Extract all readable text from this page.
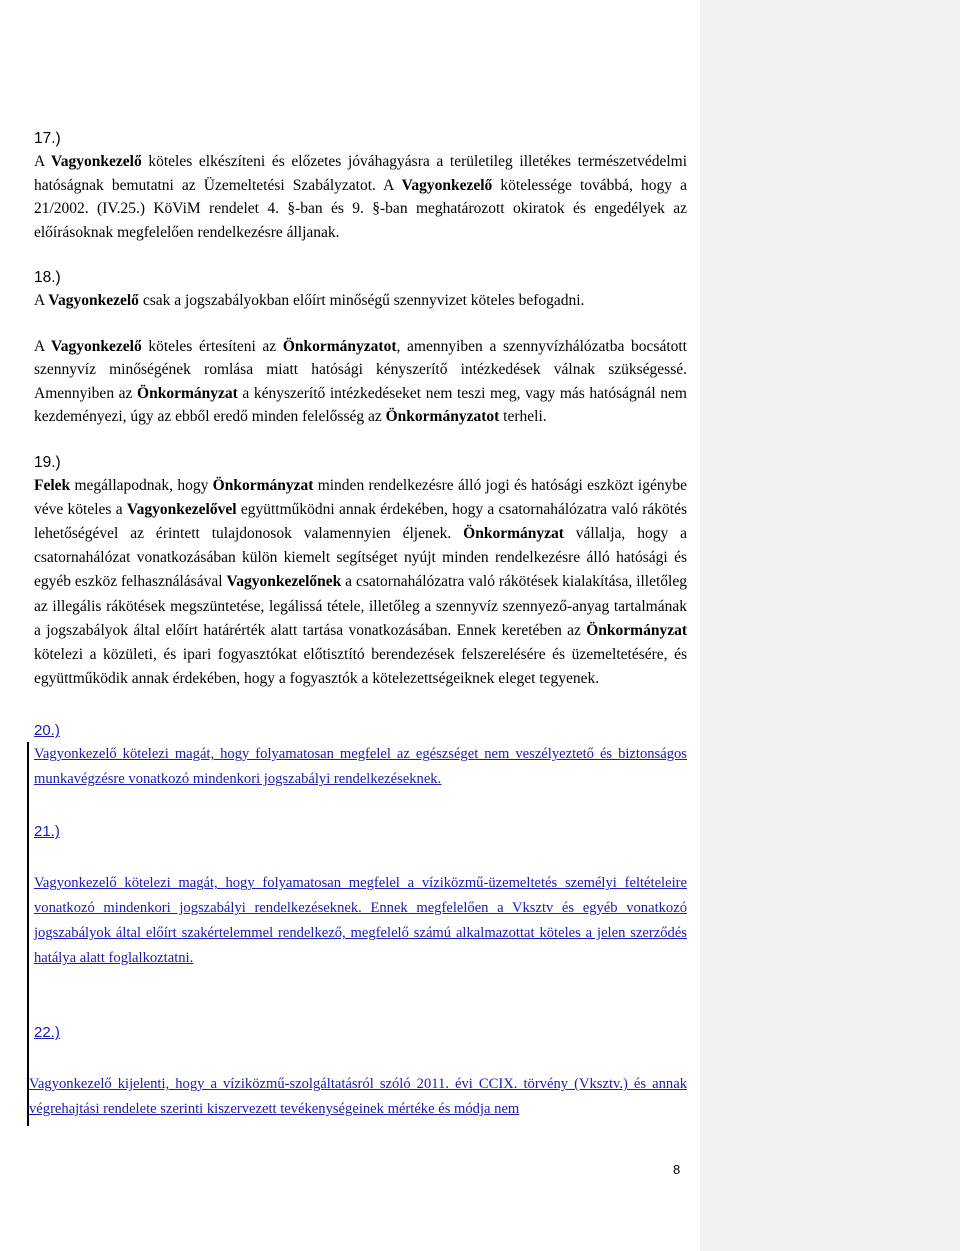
17.)

A Vagyonkezelő köteles elkészíteni és előzetes jóváhagyásra a területileg illetékes természetvédelmi hatóságnak bemutatni az Üzemeltetési Szabályzatot. A Vagyonkezelő kötelessége továbbá, hogy a 21/2002. (IV.25.) KöViM rendelet 4. §-ban és 9. §-ban meghatározott okiratok és engedélyek az előírásoknak megfelelően rendelkezésre álljanak.

18.)

A Vagyonkezelő csak a jogszabályokban előírt minőségű szennyvizet köteles befogadni.

A Vagyonkezelő köteles értesíteni az Önkormányzatot, amennyiben a szennyvízhálózatba bocsátott szennyvíz minőségének romlása miatt hatósági kényszerítő intézkedések válnak szükségessé. Amennyiben az Önkormányzat a kényszerítő intézkedéseket nem teszi meg, vagy más hatóságnál nem kezdeményezi, úgy az ebből eredő minden felelősség az Önkormányzatot terheli.

19.)

Felek megállapodnak, hogy Önkormányzat minden rendelkezésre álló jogi és hatósági eszközt igénybe véve köteles a Vagyonkezelővel együttműködni annak érdekében, hogy a csatornahálózatra való rákötés lehetőségével az érintett tulajdonosok valamennyien éljenek. Önkormányzat vállalja, hogy a csatornahálózat vonatkozásában külön kiemelt segítséget nyújt minden rendelkezésre álló hatósági és egyéb eszköz felhasználásával Vagyonkezelőnek a csatornahálózatra való rákötések kialakítása, illetőleg az illegális rákötések megszüntetése, legálissá tétele, illetőleg a szennyvíz szennyező-anyag tartalmának a jogszabályok által előírt határérték alatt tartása vonatkozásában. Ennek keretében az Önkormányzat kötelezi a közületi, és ipari fogyasztókat előtisztító berendezések felszerelésére és üzemeltetésére, és együttműködik annak érdekében, hogy a fogyasztók a kötelezettségeiknek eleget tegyenek.

20.)

Vagyonkezelő kötelezi magát, hogy folyamatosan megfelel az egészséget nem veszélyeztető és biztonságos munkavégzésre vonatkozó mindenkori jogszabályi rendelkezéseknek.

21.)

Vagyonkezelő kötelezi magát, hogy folyamatosan megfelel a víziközmű-üzemeltetés személyi feltételeire vonatkozó mindenkori jogszabályi rendelkezéseknek. Ennek megfelelően a Vksztv és egyéb vonatkozó jogszabályok által előírt szakértelemmel rendelkező, megfelelő számú alkalmazottat köteles a jelen szerződés hatálya alatt foglalkoztatni.

22.)

Vagyonkezelő kijelenti, hogy a víziközmű-szolgáltatásról szóló 2011. évi CCIX. törvény (Vksztv.) és annak végrehajtási rendelete szerinti kiszervezett tevékenységeinek mértéke és módja nem

8
